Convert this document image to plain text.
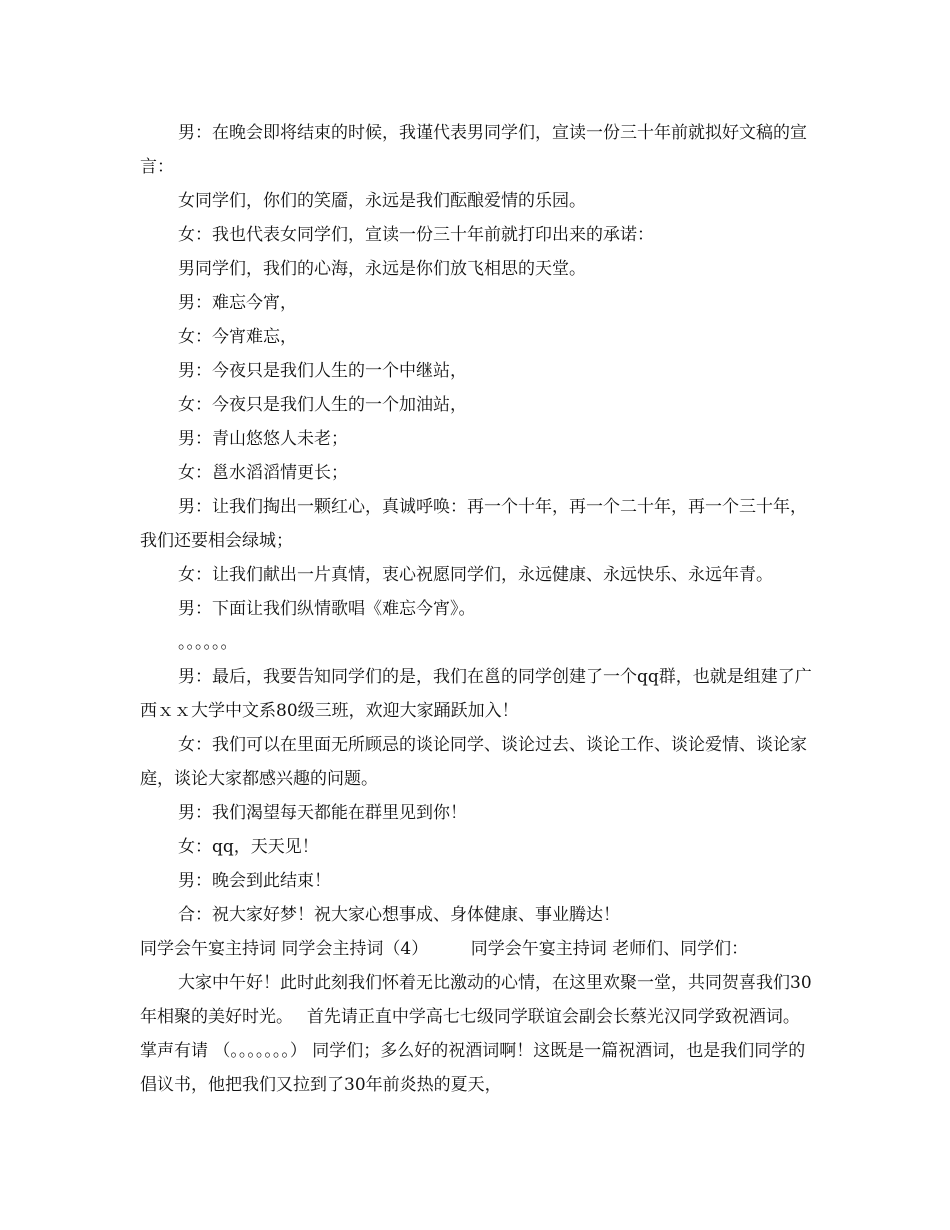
男：在晚会即将结束的时候，我谨代表男同学们，宣读一份三十年前就拟好文稿的宣言：

女同学们，你们的笑靥，永远是我们酝酿爱情的乐园。

女：我也代表女同学们，宣读一份三十年前就打印出来的承诺：

男同学们，我们的心海，永远是你们放飞相思的天堂。

男：难忘今宵，

女：今宵难忘，

男：今夜只是我们人生的一个中继站，

女：今夜只是我们人生的一个加油站，

男：青山悠悠人未老；

女：邕水滔滔情更长；

男：让我们掏出一颗红心，真诚呼唤：再一个十年，再一个二十年，再一个三十年，我们还要相会绿城；

女：让我们献出一片真情，衷心祝愿同学们，永远健康、永远快乐、永远年青。

男：下面让我们纵情歌唱《难忘今宵》。

。。。。。。

男：最后，我要告知同学们的是，我们在邕的同学创建了一个qq群，也就是组建了广西ｘｘ大学中文系80级三班，欢迎大家踊跃加入！

女：我们可以在里面无所顾忌的谈论同学、谈论过去、谈论工作、谈论爱情、谈论家庭，谈论大家都感兴趣的问题。

男：我们渴望每天都能在群里见到你！

女：qq，天天见！

男：晚会到此结束！

合：祝大家好梦！祝大家心想事成、身体健康、事业腾达！

同学会午宴主持词 同学会主持词（4）　　　同学会午宴主持词 老师们、同学们：

大家中午好！此时此刻我们怀着无比激动的心情，在这里欢聚一堂，共同贺喜我们30年相聚的美好时光。　 首先请正直中学高七七级同学联谊会副会长蔡光汉同学致祝酒词。掌声有请 （。。。。。。。） 同学们；多么好的祝酒词啊！这既是一篇祝酒词，也是我们同学的倡议书，他把我们又拉到了30年前炎热的夏天，
